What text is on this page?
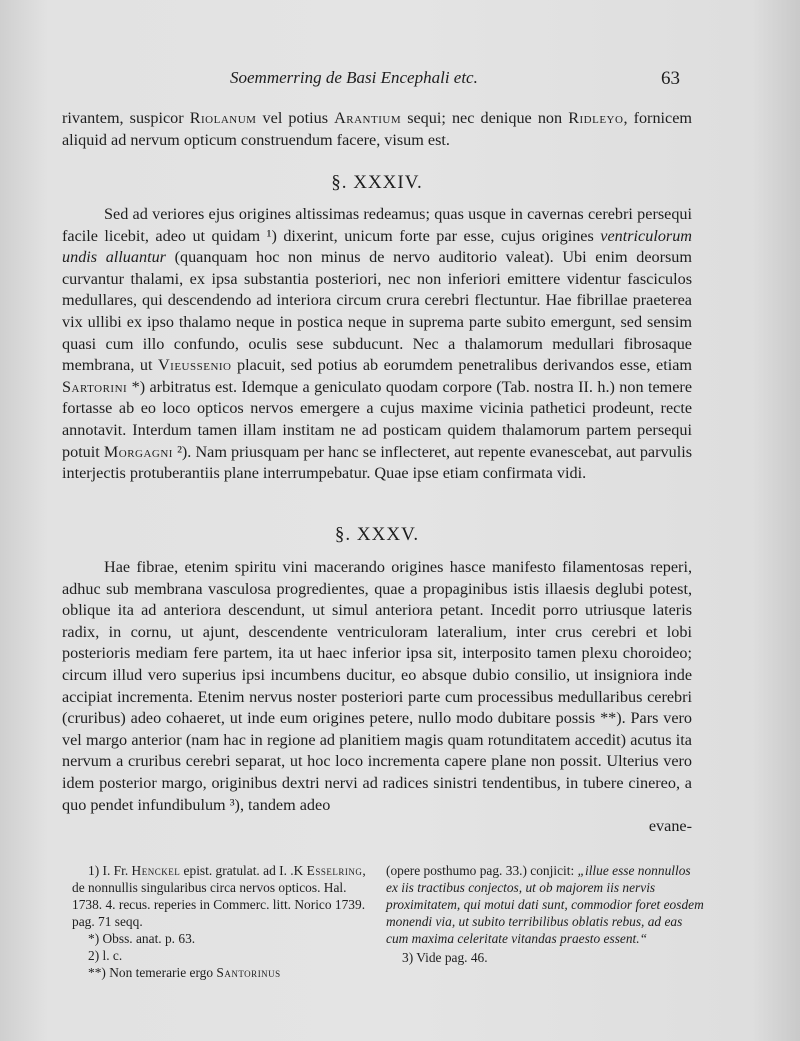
Soemmerring de Basi Encephali etc.	63

rivantem, suspicor Riolanum vel potius Arantium sequi; nec denique non Ridleyo, fornicem aliquid ad nervum opticum construendum facere, visum est.

§. XXXIV.

Sed ad veriores ejus origines altissimas redeamus; quas usque in cavernas cerebri persequi facile licebit, adeo ut quidam ¹) dixerint, unicum forte par esse, cujus origines ventriculorum undis alluantur (quanquam hoc non minus de nervo auditorio valeat). Ubi enim deorsum curvantur thalami, ex ipsa substantia posteriori, nec non inferiori emittere videntur fasciculos medullares, qui descendendo ad interiora circum crura cerebri flectuntur. Hae fibrillae praeterea vix ullibi ex ipso thalamo neque in postica neque in suprema parte subito emergunt, sed sensim quasi cum illo confundo, oculis sese subducunt. Nec a thalamorum medullari fibrosaque membrana, ut Vieussenio placuit, sed potius ab eorumdem penetralibus derivandos esse, etiam Sartorini *) arbitratus est. Idemque a geniculato quodam corpore (Tab. nostra II. h.) non temere fortasse ab eo loco opticos nervos emergere a cujus maxime vicinia pathetici prodeunt, recte annotavit. Interdum tamen illam institam ne ad posticam quidem thalamorum partem persequi potuit Morgagni ²). Nam priusquam per hanc se inflecteret, aut repente evanescebat, aut parvulis interjectis protuberantiis plane interrumpebatur. Quae ipse etiam confirmata vidi.

§. XXXV.

Hae fibrae, etenim spiritu vini macerando origines hasce manifesto filamentosas reperi, adhuc sub membrana vasculosa progredientes, quae a propaginibus istis illaesis deglubi potest, oblique ita ad anteriora descendunt, ut simul anteriora petant. Incedit porro utriusque lateris radix, in cornu, ut ajunt, descendente ventriculoram lateralium, inter crus cerebri et lobi posterioris mediam fere partem, ita ut haec inferior ipsa sit, interposito tamen plexu choroideo; circum illud vero superius ipsi incumbens ducitur, eo absque dubio consilio, ut insigniora inde accipiat incrementa. Etenim nervus noster posteriori parte cum processibus medullaribus cerebri (cruribus) adeo cohaeret, ut inde eum origines petere, nullo modo dubitare possis **). Pars vero vel margo anterior (nam hac in regione ad planitiem magis quam rotunditatem accedit) acutus ita nervum a cruribus cerebri separat, ut hoc loco incrementa capere plane non possit. Ulterius vero idem posterior margo, originibus dextri nervi ad radices sinistri tendentibus, in tubere cinereo, a quo pendet infundibulum ³), tandem adeo

evane-

1) I. Fr. Henckel epist. gratulat. ad I. .K Esselring, de nonnullis singularibus circa nervos opticos. Hal. 1738. 4. recus. reperies in Commerc. litt. Norico 1739. pag. 71 seqq.

*) Obss. anat. p. 63.

2) l. c.

**) Non temerarie ergo Santorinus

(opere posthumo pag. 33.) conjicit: „illue esse nonnullos ex iis tractibus conjectos, ut ob majorem iis nervis proximitatem, qui motui dati sunt, commodior foret eosdem monendi via, ut subito terribilibus oblatis rebus, ad eas cum maxima celeritate vitandas praesto essent.“

3) Vide pag. 46.
